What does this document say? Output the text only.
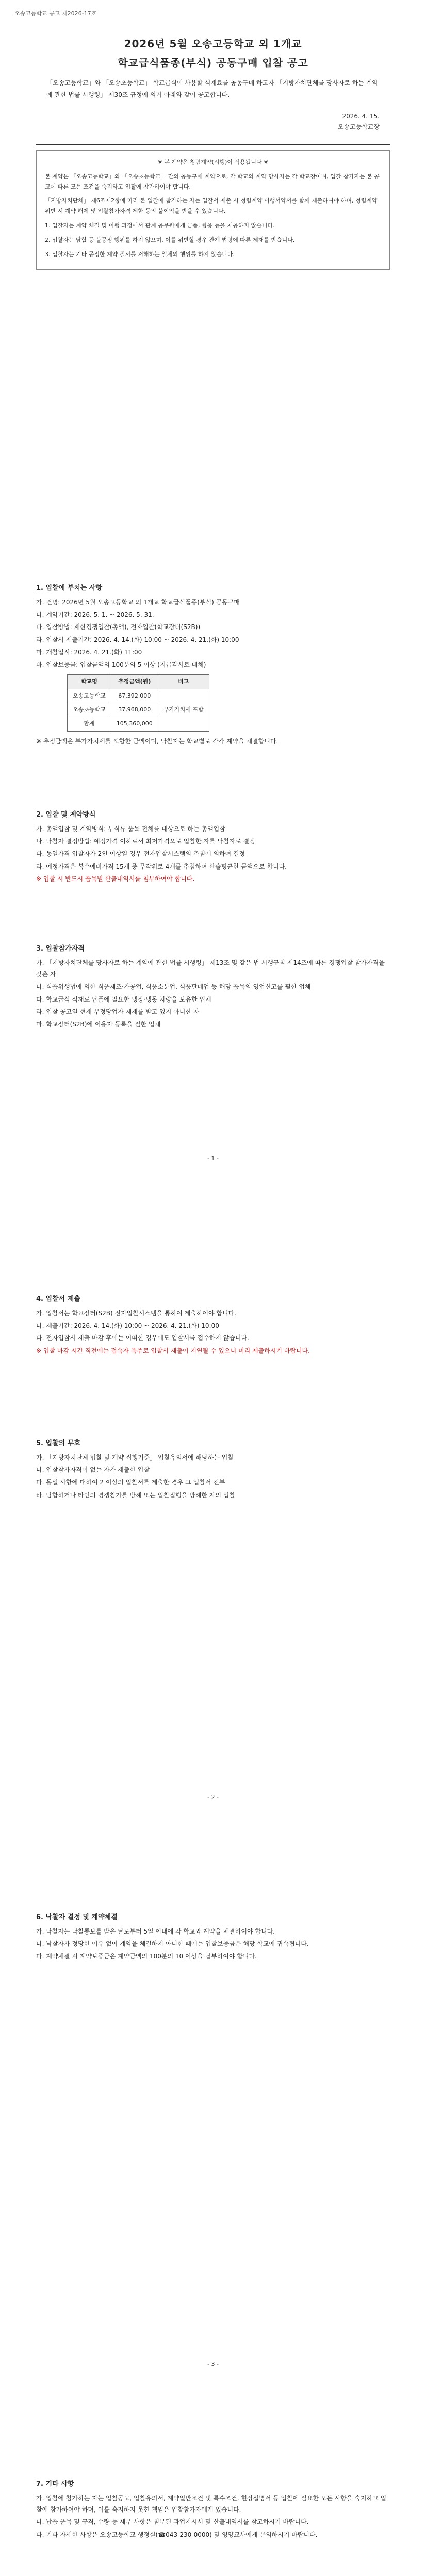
오송고등학교 공고 제2026-17호
2026년 5월 오송고등학교 외 1개교
학교급식품종(부식) 공동구매 입찰 공고
「오송고등학교」와 「오송초등학교」 학교급식에 사용할 식재료를 공동구매 하고자 「지방자치단체를 당사자로 하는 계약에 관한 법률 시행령」 제30조 규정에 의거 아래와 같이 공고합니다.
2026. 4. 15.
오송고등학교장
※ 본 계약은 청렴계약(시행)이 적용됩니다 ※

본 계약은 「오송고등학교」와 「오송초등학교」 간의 공동구매 계약으로, 각 학교의 계약 당사자는 각 학교장이며, 입찰 참가자는 본 공고에 따른 모든 조건을 숙지하고 입찰에 참가하여야 합니다.

「지방자치단체」 제6조제2항에 따라 본 입찰에 참가하는 자는 입찰서 제출 시 청렴계약 이행서약서를 함께 제출하여야 하며, 청렴계약 위반 시 계약 해제 및 입찰참가자격 제한 등의 불이익을 받을 수 있습니다.

1. 입찰자는 계약 체결 및 이행 과정에서 관계 공무원에게 금품, 향응 등을 제공하지 않습니다.

2. 입찰자는 담합 등 불공정 행위를 하지 않으며, 이를 위반할 경우 관계 법령에 따른 제재를 받습니다.

3. 입찰자는 기타 공정한 계약 질서를 저해하는 일체의 행위를 하지 않습니다.

1. 입찰에 부치는 사항

가. 건명: 2026년 5월 오송고등학교 외 1개교 학교급식품종(부식) 공동구매

나. 계약기간: 2026. 5. 1. ~ 2026. 5. 31.

다. 입찰방법: 제한경쟁입찰(총액), 전자입찰(학교장터(S2B))

라. 입찰서 제출기간: 2026. 4. 14.(화) 10:00 ~ 2026. 4. 21.(화) 10:00

마. 개찰일시: 2026. 4. 21.(화) 11:00

바. 입찰보증금: 입찰금액의 100분의 5 이상 (지급각서로 대체)

학교명	추정금액(원)	비고
오송고등학교	67,392,000	부가가치세 포함
오송초등학교	37,968,000	
합계	105,360,000	

※ 추정금액은 부가가치세를 포함한 금액이며, 낙찰자는 학교별로 각각 계약을 체결합니다.

2. 입찰 및 계약방식

가. 총액입찰 및 계약방식: 부식류 품목 전체를 대상으로 하는 총액입찰

나. 낙찰자 결정방법: 예정가격 이하로서 최저가격으로 입찰한 자를 낙찰자로 결정

다. 동일가격 입찰자가 2인 이상일 경우 전자입찰시스템의 추첨에 의하여 결정

라. 예정가격은 복수예비가격 15개 중 무작위로 4개를 추첨하여 산술평균한 금액으로 합니다.

※ 입찰 시 반드시 품목별 산출내역서를 첨부하여야 합니다.

3. 입찰참가자격

가. 「지방자치단체를 당사자로 하는 계약에 관한 법률 시행령」 제13조 및 같은 법 시행규칙 제14조에 따른 경쟁입찰 참가자격을 갖춘 자

나. 식품위생법에 의한 식품제조·가공업, 식품소분업, 식품판매업 등 해당 품목의 영업신고를 필한 업체

다. 학교급식 식재료 납품에 필요한 냉장·냉동 차량을 보유한 업체

라. 입찰 공고일 현재 부정당업자 제재를 받고 있지 아니한 자

마. 학교장터(S2B)에 이용자 등록을 필한 업체

- 1 -
4. 입찰서 제출

가. 입찰서는 학교장터(S2B) 전자입찰시스템을 통하여 제출하여야 합니다.

나. 제출기간: 2026. 4. 14.(화) 10:00 ~ 2026. 4. 21.(화) 10:00

다. 전자입찰서 제출 마감 후에는 어떠한 경우에도 입찰서를 접수하지 않습니다.

※ 입찰 마감 시간 직전에는 접속자 폭주로 입찰서 제출이 지연될 수 있으니 미리 제출하시기 바랍니다.

5. 입찰의 무효

가. 「지방자치단체 입찰 및 계약 집행기준」 입찰유의서에 해당하는 입찰

나. 입찰참가자격이 없는 자가 제출한 입찰

다. 동일 사항에 대하여 2 이상의 입찰서를 제출한 경우 그 입찰서 전부

라. 담합하거나 타인의 경쟁참가를 방해 또는 입찰집행을 방해한 자의 입찰

- 2 -
6. 낙찰자 결정 및 계약체결

가. 낙찰자는 낙찰통보를 받은 날로부터 5일 이내에 각 학교와 계약을 체결하여야 합니다.

나. 낙찰자가 정당한 이유 없이 계약을 체결하지 아니한 때에는 입찰보증금은 해당 학교에 귀속됩니다.

다. 계약체결 시 계약보증금은 계약금액의 100분의 10 이상을 납부하여야 합니다.

- 3 -
7. 기타 사항

가. 입찰에 참가하는 자는 입찰공고, 입찰유의서, 계약일반조건 및 특수조건, 현장설명서 등 입찰에 필요한 모든 사항을 숙지하고 입찰에 참가하여야 하며, 이를 숙지하지 못한 책임은 입찰참가자에게 있습니다.

나. 납품 품목 및 규격, 수량 등 세부 사항은 첨부된 과업지시서 및 산출내역서를 참고하시기 바랍니다.

다. 기타 자세한 사항은 오송고등학교 행정실(☎043-230-0000) 및 영양교사에게 문의하시기 바랍니다.
